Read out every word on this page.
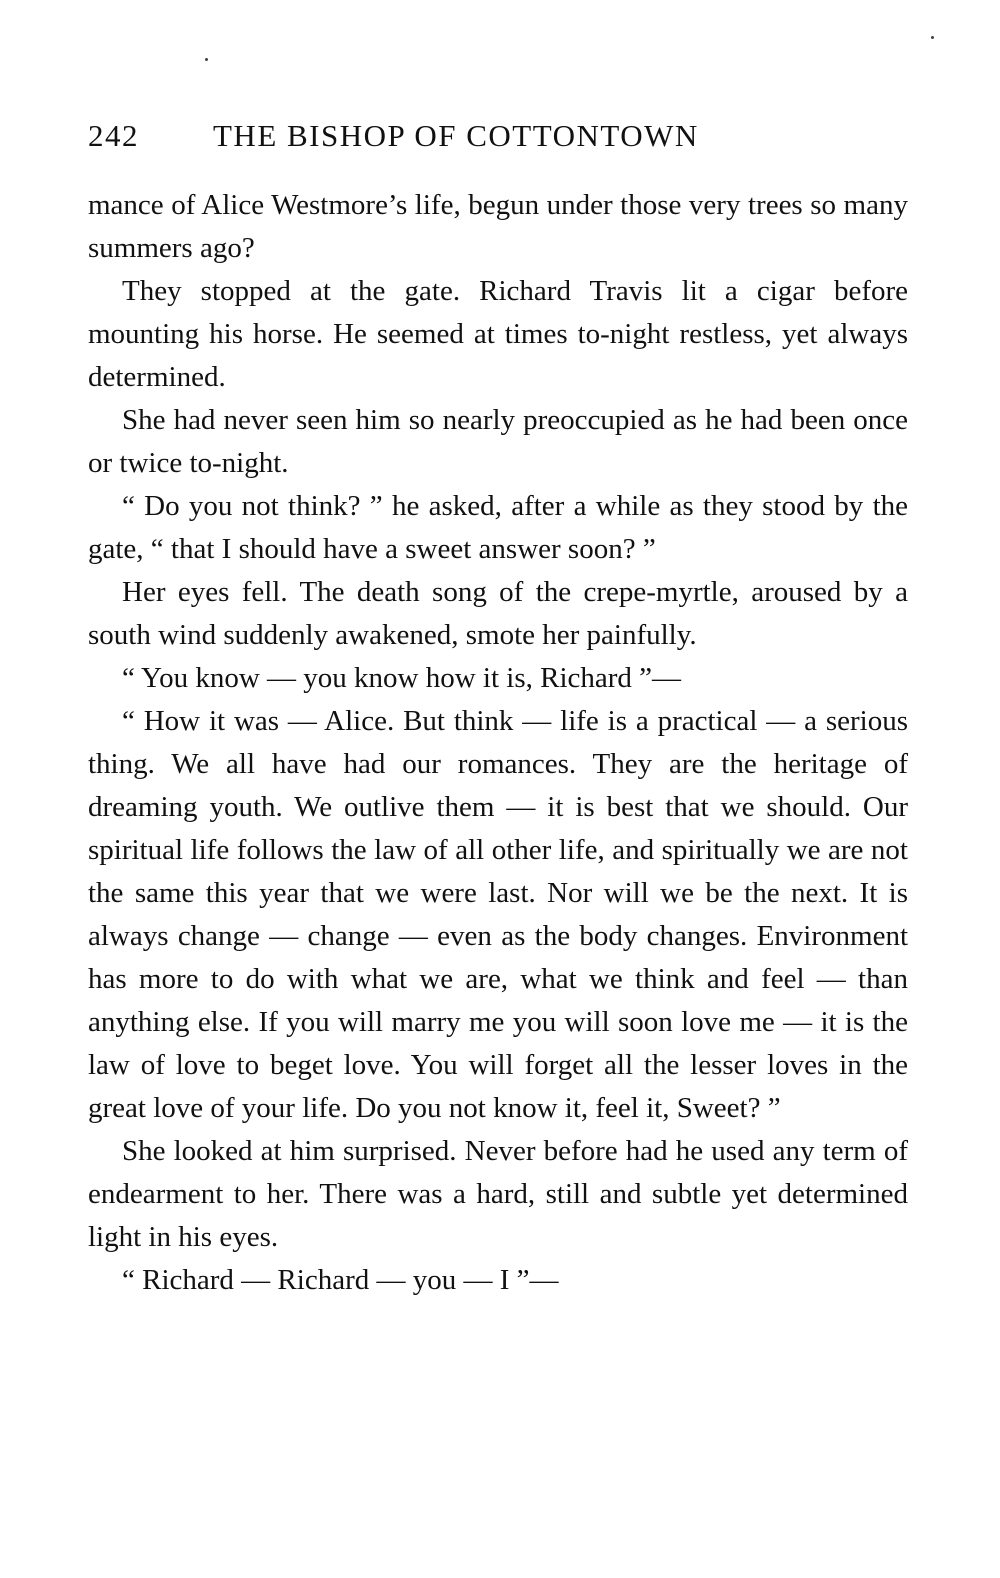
242	THE BISHOP OF COTTONTOWN

mance of Alice Westmore’s life, begun under those very trees so many summers ago?

They stopped at the gate. Richard Travis lit a cigar before mounting his horse. He seemed at times to-night restless, yet always determined.

She had never seen him so nearly preoccupied as he had been once or twice to-night.

“ Do you not think? ” he asked, after a while as they stood by the gate, “ that I should have a sweet answer soon? ”

Her eyes fell. The death song of the crepe-myrtle, aroused by a south wind suddenly awakened, smote her painfully.

“ You know — you know how it is, Richard ”—

“ How it was — Alice. But think — life is a practical — a serious thing. We all have had our romances. They are the heritage of dreaming youth. We outlive them — it is best that we should. Our spiritual life follows the law of all other life, and spiritually we are not the same this year that we were last. Nor will we be the next. It is always change — change — even as the body changes. Environment has more to do with what we are, what we think and feel — than anything else. If you will marry me you will soon love me — it is the law of love to beget love. You will forget all the lesser loves in the great love of your life. Do you not know it, feel it, Sweet? ”

She looked at him surprised. Never before had he used any term of endearment to her. There was a hard, still and subtle yet determined light in his eyes.

“ Richard — Richard — you — I ”—
